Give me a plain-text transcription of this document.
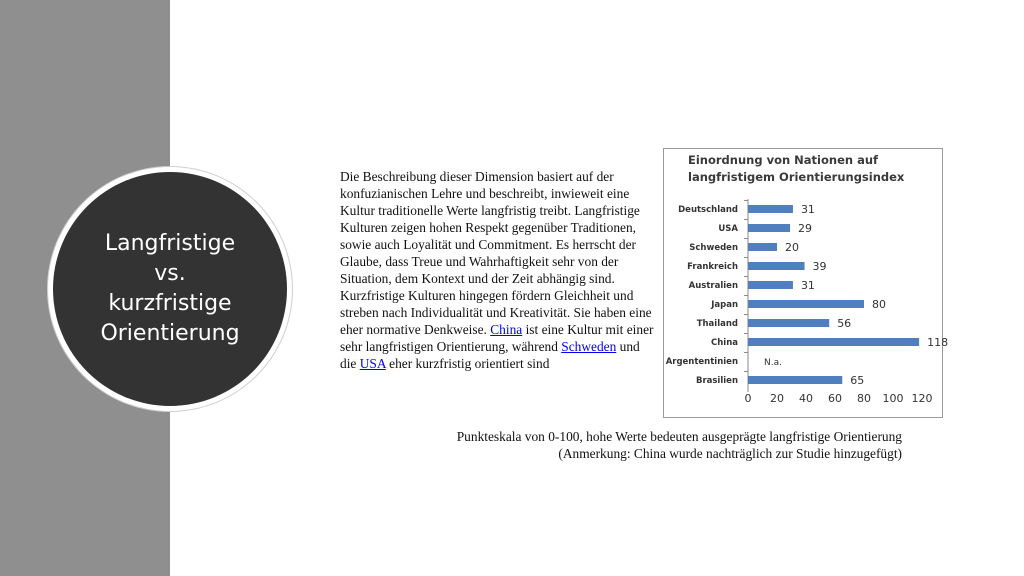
Langfristige
vs.
kurzfristige
Orientierung
Die Beschreibung dieser Dimension basiert auf der konfuzianischen Lehre und beschreibt, inwieweit eine Kultur traditionelle Werte langfristig treibt. Langfristige Kulturen zeigen hohen Respekt gegenüber Traditionen, sowie auch Loyalität und Commitment. Es herrscht der Glaube, dass Treue und Wahrhaftigkeit sehr von der Situation, dem Kontext und der Zeit abhängig sind. Kurzfristige Kulturen hingegen fördern Gleichheit und streben nach Individualität und Kreativität. Sie haben eine eher normative Denkweise. China ist eine Kultur mit einer sehr langfristigen Orientierung, während Schweden und die USA eher kurzfristig orientiert sind
Einordnung von Nationen auf
langfristigem Orientierungsindex
Deutschland	31
USA	29
Schweden	20
Frankreich	39
Australien	31
Japan	80
Thailand	56
China	118
Argententinien	N.a.
Brasilien	65
0 20 40 60 80 100 120
Punkteskala von 0-100, hohe Werte bedeuten ausgeprägte langfristige Orientierung
(Anmerkung: China wurde nachträglich zur Studie hinzugefügt)
